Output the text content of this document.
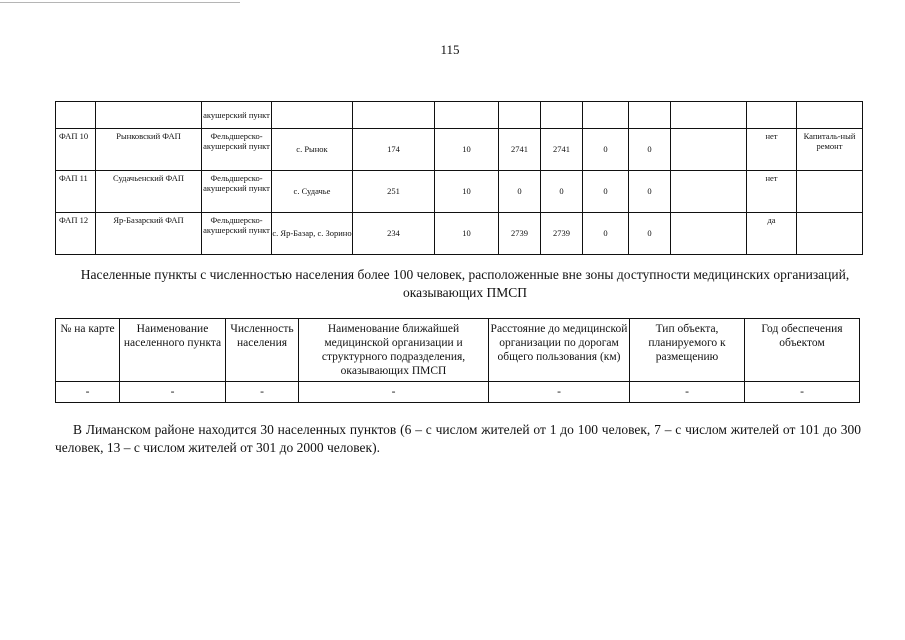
115
		акушерский пункт										
ФАП 10	Рынковский ФАП	Фельдшерско-акушерский пункт	с. Рынок	174	10	2741	2741	0	0		нет	Капиталь-ный ремонт
ФАП 11	Судачьенский ФАП	Фельдшерско-акушерский пункт	с. Судачье	251	10	0	0	0	0		нет	
ФАП 12	Яр-Базарский ФАП	Фельдшерско-акушерский пункт	с. Яр-Базар, с. Зорино	234	10	2739	2739	0	0		да	
Населенные пункты с численностью населения более 100 человек, расположенные вне зоны доступности медицинских организаций, оказывающих ПМСП
№ на карте	Наименование населенного пункта	Численность населения	Наименование ближайшей медицинской организации и структурного подразделения, оказывающих ПМСП	Расстояние до медицинской организации по дорогам общего пользования (км)	Тип объекта, планируемого к размещению	Год обеспечения объектом
-	-	-	-	-	-	-
В Лиманском районе находится 30 населенных пунктов (6 – с числом жителей от 1 до 100 человек, 7 – с числом жителей от 101 до 300 человек, 13 – с числом жителей от 301 до 2000 человек).
